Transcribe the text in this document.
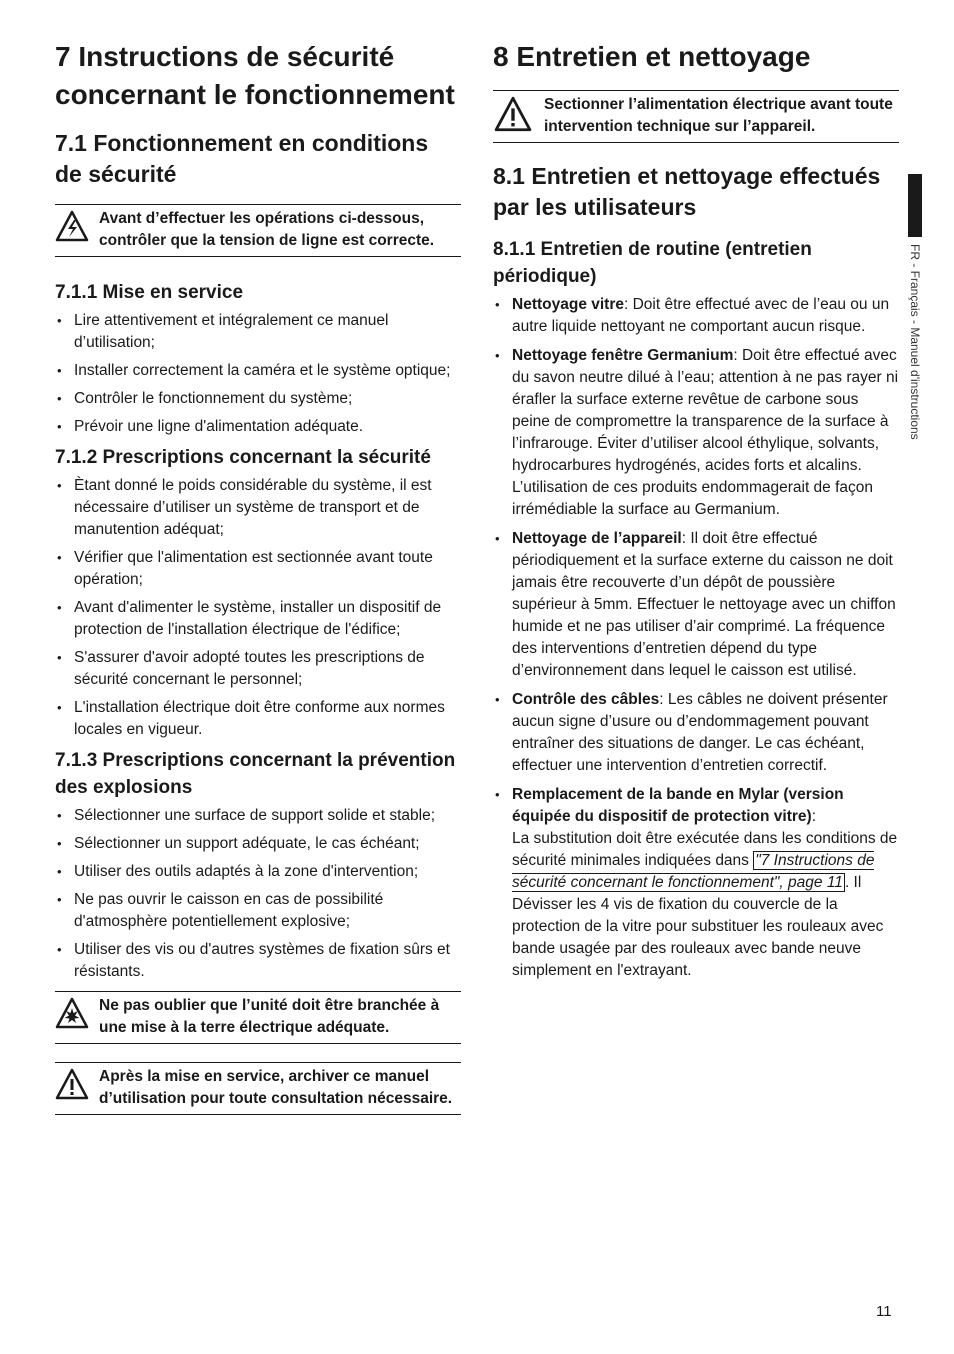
7 Instructions de sécurité concernant le fonctionnement
7.1 Fonctionnement en conditions de sécurité
Avant d’effectuer les opérations ci-dessous, contrôler que la tension de ligne est correcte.
7.1.1 Mise en service
• Lire attentivement et intégralement ce manuel d’utilisation;
• Installer correctement la caméra et le système optique;
• Contrôler le fonctionnement du système;
• Prévoir une ligne d'alimentation adéquate.
7.1.2 Prescriptions concernant la sécurité
• Ètant donné le poids considérable du système, il est nécessaire d’utiliser un système de transport et de manutention adéquat;
• Vérifier que l'alimentation est sectionnée avant toute opération;
• Avant d'alimenter le système, installer un dispositif de protection de l'installation électrique de l'édifice;
• S'assurer d'avoir adopté toutes les prescriptions de sécurité concernant le personnel;
• L'installation électrique doit être conforme aux normes locales en vigueur.
7.1.3 Prescriptions concernant la prévention des explosions
• Sélectionner une surface de support solide et stable;
• Sélectionner un support adéquate, le cas échéant;
• Utiliser des outils adaptés à la zone d'intervention;
• Ne pas ouvrir le caisson en cas de possibilité d'atmosphère potentiellement explosive;
• Utiliser des vis ou d'autres systèmes de fixation sûrs et résistants.
Ne pas oublier que l’unité doit être branchée à une mise à la terre électrique adéquate.
Après la mise en service, archiver ce manuel d’utilisation pour toute consultation nécessaire.
8 Entretien et nettoyage
Sectionner l’alimentation électrique avant toute intervention technique sur l’appareil.
8.1 Entretien et nettoyage effectués par les utilisateurs
8.1.1 Entretien de routine (entretien périodique)
• Nettoyage vitre: Doit être effectué avec de l’eau ou un autre liquide nettoyant ne comportant aucun risque.
• Nettoyage fenêtre Germanium: Doit être effectué avec du savon neutre dilué à l’eau; attention à ne pas rayer ni érafler la surface externe revêtue de carbone sous peine de compromettre la transparence de la surface à l’infrarouge. Éviter d’utiliser alcool éthylique, solvants, hydrocarbures hydrogénés, acides forts et alcalins. L’utilisation de ces produits endommagerait de façon irrémédiable la surface au Germanium.
• Nettoyage de l’appareil: Il doit être effectué périodiquement et la surface externe du caisson ne doit jamais être recouverte d’un dépôt de poussière supérieur à 5mm. Effectuer le nettoyage avec un chiffon humide et ne pas utiliser d’air comprimé. La fréquence des interventions d’entretien dépend du type d’environnement dans lequel le caisson est utilisé.
• Contrôle des câbles: Les câbles ne doivent présenter aucun signe d’usure ou d’endommagement pouvant entraîner des situations de danger. Le cas échéant, effectuer une intervention d’entretien correctif.
• Remplacement de la bande en Mylar (version équipée du dispositif de protection vitre):
La substitution doit être exécutée dans les conditions de sécurité minimales indiquées dans "7 Instructions de sécurité concernant le fonctionnement", page 11 . Il Dévisser les 4 vis de fixation du couvercle de la protection de la vitre pour substituer les rouleaux avec bande usagée par des rouleaux avec bande neuve simplement en l'extrayant.
FR - Français - Manuel d'instructions
11
